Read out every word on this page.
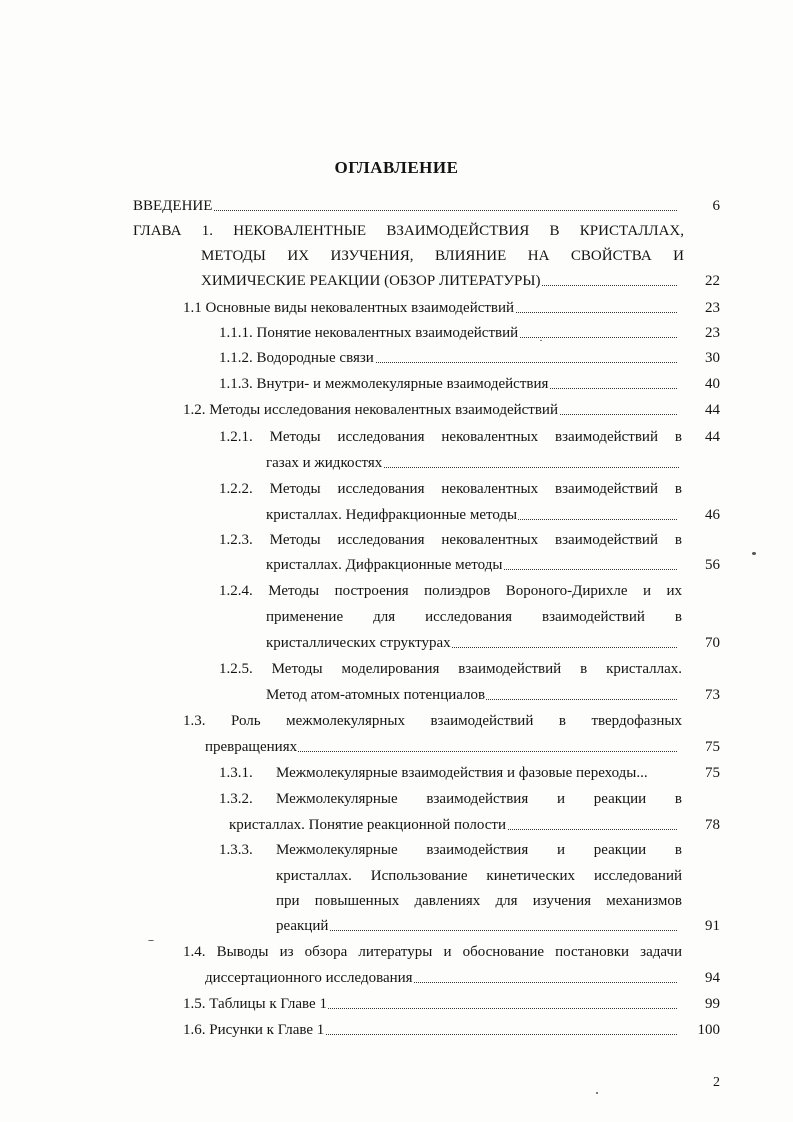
ОГЛАВЛЕНИЕ
ВВЕДЕНИЕ	6
ГЛАВА 1. НЕКОВАЛЕНТНЫЕ ВЗАИМОДЕЙСТВИЯ В КРИСТАЛЛАХ,
МЕТОДЫ ИХ ИЗУЧЕНИЯ, ВЛИЯНИЕ НА СВОЙСТВА И
ХИМИЧЕСКИЕ РЕАКЦИИ (ОБЗОР ЛИТЕРАТУРЫ)	22
1.1 Основные виды нековалентных взаимодействий	23
1.1.1. Понятие нековалентных взаимодействий	23
1.1.2. Водородные связи	30
1.1.3. Внутри- и межмолекулярные взаимодействия	40
1.2. Методы исследования нековалентных взаимодействий	44
1.2.1. Методы исследования нековалентных взаимодействий в	44
газах и жидкостях
1.2.2. Методы исследования нековалентных взаимодействий в
кристаллах. Недифракционные методы	46
1.2.3. Методы исследования нековалентных взаимодействий в
кристаллах. Дифракционные методы	56
1.2.4. Методы построения полиэдров Вороного-Дирихле и их
применение для исследования взаимодействий в
кристаллических структурах	70
1.2.5. Методы моделирования взаимодействий в кристаллах.
Метод атом-атомных потенциалов	73
1.3. Роль межмолекулярных взаимодействий в твердофазных
превращениях	75
1.3.1.	Межмолекулярные взаимодействия и фазовые переходы...	75
1.3.2.	Межмолекулярные взаимодействия и реакции в
кристаллах. Понятие реакционной полости	78
1.3.3.	Межмолекулярные взаимодействия и реакции в
кристаллах. Использование кинетических исследований
при повышенных давлениях для изучения механизмов
реакций	91
1.4. Выводы из обзора литературы и обоснование постановки задачи
диссертационного исследования	94
1.5. Таблицы к Главе 1	99
1.6. Рисунки к Главе 1	100
2
